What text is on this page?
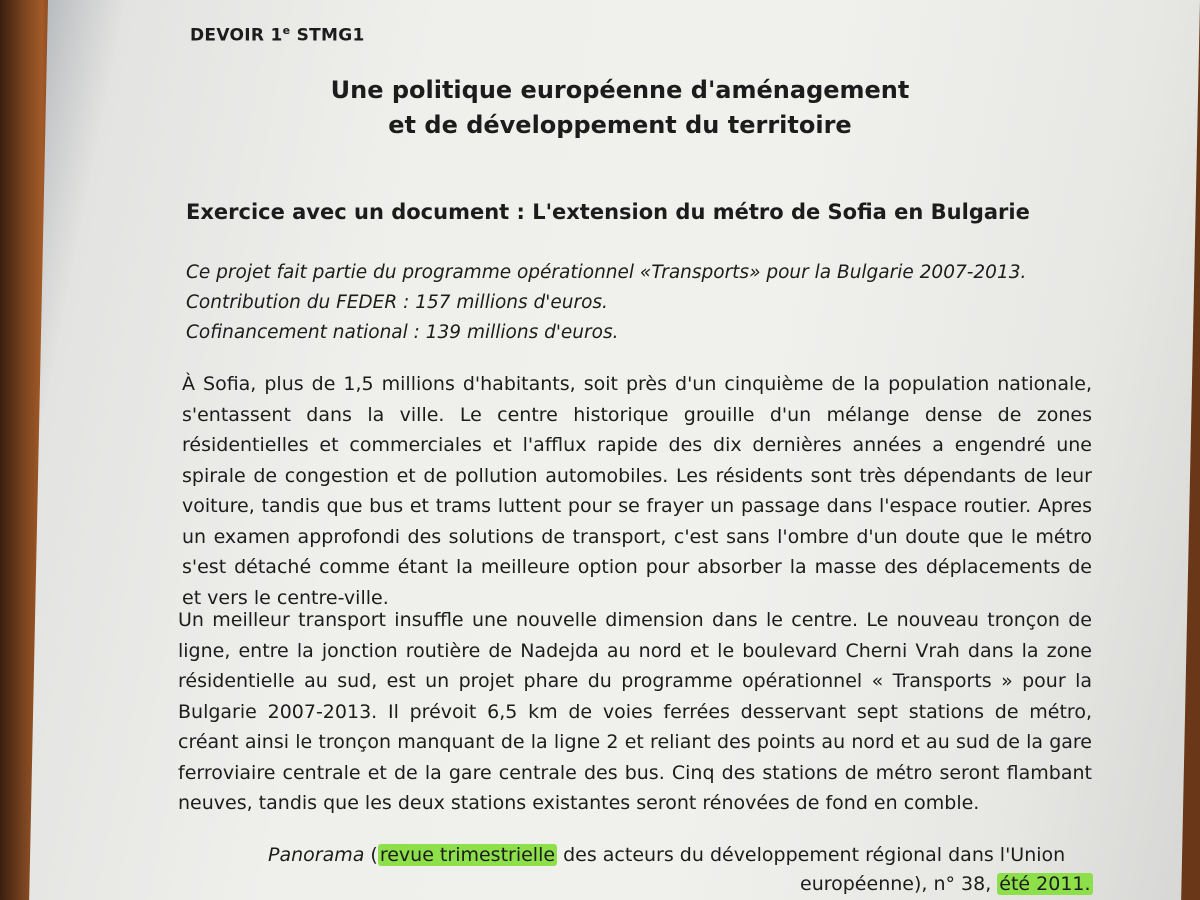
DEVOIR 1e STMG1
Une politique européenne d'aménagement
et de développement du territoire
Exercice avec un document : L'extension du métro de Sofia en Bulgarie
Ce projet fait partie du programme opérationnel «Transports» pour la Bulgarie 2007-2013.
Contribution du FEDER : 157 millions d'euros.
Cofinancement national : 139 millions d'euros.

À Sofia, plus de 1,5 millions d'habitants, soit près d'un cinquième de la population nationale, s'entassent dans la ville. Le centre historique grouille d'un mélange dense de zones résidentielles et commerciales et l'afflux rapide des dix dernières années a engendré une spirale de congestion et de pollution automobiles. Les résidents sont très dépendants de leur voiture, tandis que bus et trams luttent pour se frayer un passage dans l'espace routier. Apres un examen approfondi des solutions de transport, c'est sans l'ombre d'un doute que le métro s'est détaché comme étant la meilleure option pour absorber la masse des déplacements de et vers le centre-ville.

Un meilleur transport insuffle une nouvelle dimension dans le centre. Le nouveau tronçon de ligne, entre la jonction routière de Nadejda au nord et le boulevard Cherni Vrah dans la zone résidentielle au sud, est un projet phare du programme opérationnel « Transports » pour la Bulgarie 2007-2013. Il prévoit 6,5 km de voies ferrées desservant sept stations de métro, créant ainsi le tronçon manquant de la ligne 2 et reliant des points au nord et au sud de la gare ferroviaire centrale et de la gare centrale des bus. Cinq des stations de métro seront flambant neuves, tandis que les deux stations existantes seront rénovées de fond en comble.

Panorama ( revue trimestrielle des acteurs du développement régional dans l'Union
européenne), n° 38, été 2011.
